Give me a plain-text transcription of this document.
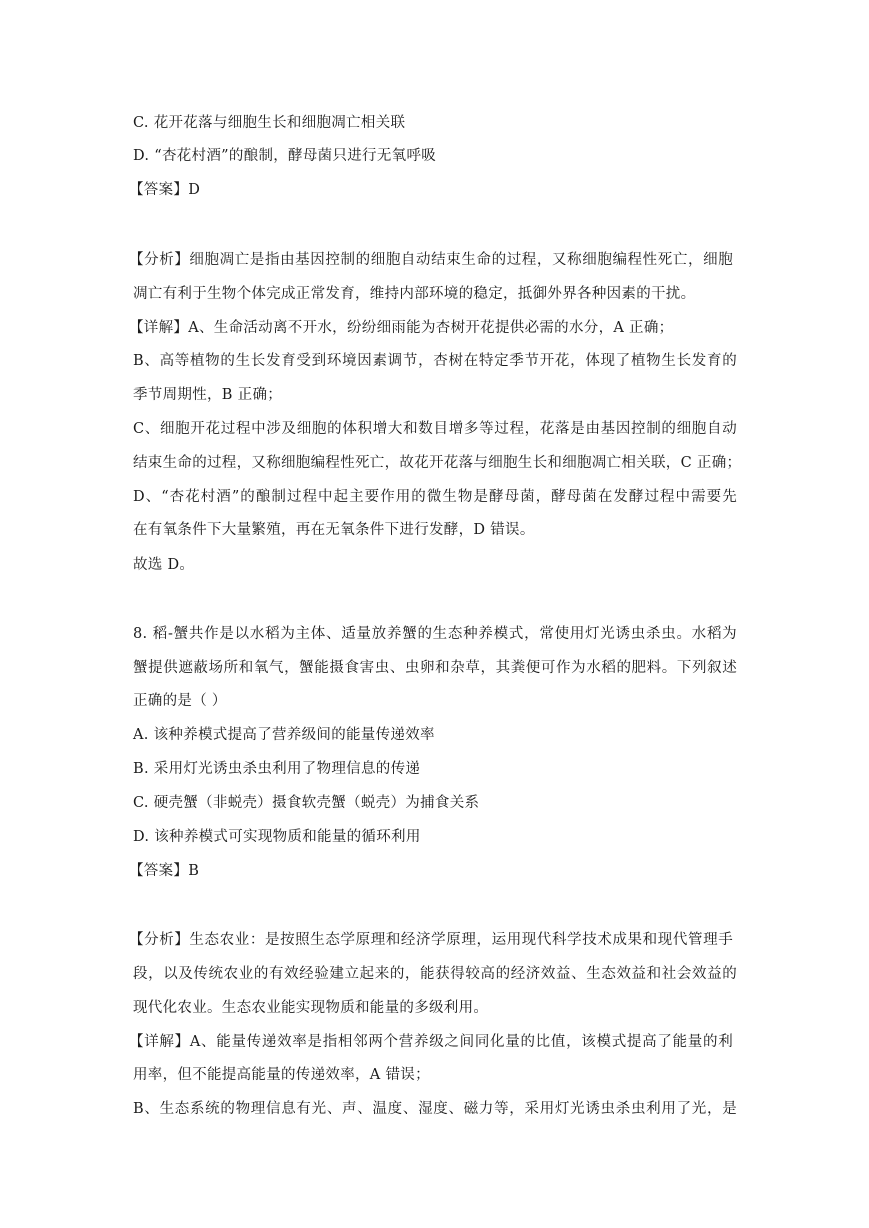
C. 花开花落与细胞生长和细胞凋亡相关联
D. “杏花村酒”的酿制，酵母菌只进行无氧呼吸
【答案】D
【分析】细胞凋亡是指由基因控制的细胞自动结束生命的过程，又称细胞编程性死亡，细胞
凋亡有利于生物个体完成正常发育，维持内部环境的稳定，抵御外界各种因素的干扰。
【详解】A、生命活动离不开水，纷纷细雨能为杏树开花提供必需的水分，A 正确；
B、高等植物的生长发育受到环境因素调节，杏树在特定季节开花，体现了植物生长发育的
季节周期性，B 正确；
C、细胞开花过程中涉及细胞的体积增大和数目增多等过程，花落是由基因控制的细胞自动
结束生命的过程，又称细胞编程性死亡，故花开花落与细胞生长和细胞凋亡相关联，C 正确；
D、“杏花村酒”的酿制过程中起主要作用的微生物是酵母菌，酵母菌在发酵过程中需要先
在有氧条件下大量繁殖，再在无氧条件下进行发酵，D 错误。
故选 D。
8. 稻-蟹共作是以水稻为主体、适量放养蟹的生态种养模式，常使用灯光诱虫杀虫。水稻为
蟹提供遮蔽场所和氧气，蟹能摄食害虫、虫卵和杂草，其粪便可作为水稻的肥料。下列叙述
正确的是（ ）
A. 该种养模式提高了营养级间的能量传递效率
B. 采用灯光诱虫杀虫利用了物理信息的传递
C. 硬壳蟹（非蜕壳）摄食软壳蟹（蜕壳）为捕食关系
D. 该种养模式可实现物质和能量的循环利用
【答案】B
【分析】生态农业：是按照生态学原理和经济学原理，运用现代科学技术成果和现代管理手
段，以及传统农业的有效经验建立起来的，能获得较高的经济效益、生态效益和社会效益的
现代化农业。生态农业能实现物质和能量的多级利用。
【详解】A、能量传递效率是指相邻两个营养级之间同化量的比值，该模式提高了能量的利
用率，但不能提高能量的传递效率，A 错误；
B、生态系统的物理信息有光、声、温度、湿度、磁力等，采用灯光诱虫杀虫利用了光，是
